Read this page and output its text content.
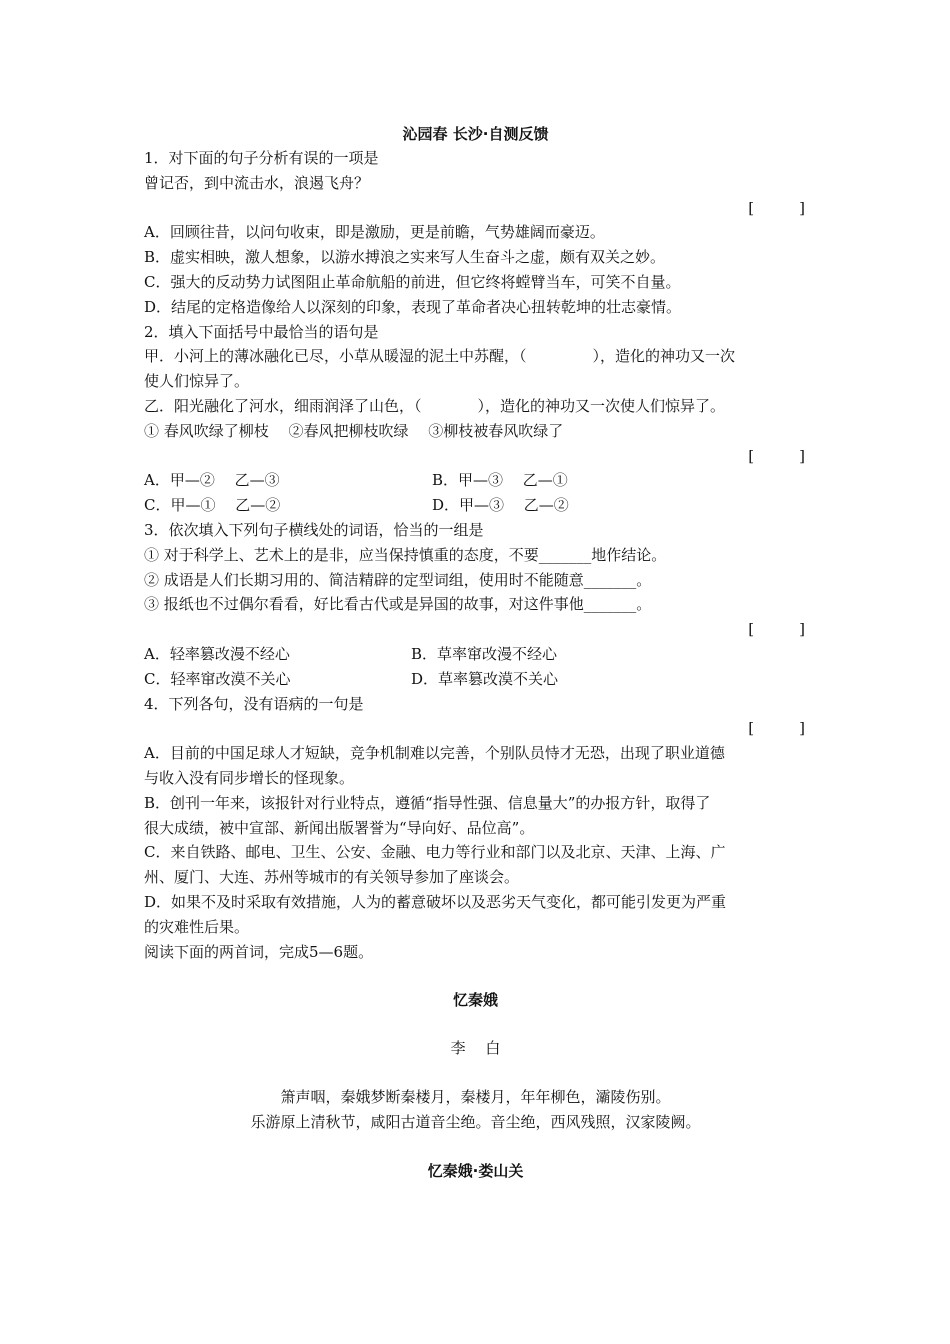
沁园春 长沙·自测反馈
1．对下面的句子分析有误的一项是
曾记否，到中流击水，浪遏飞舟？
[　　　]
A．回顾往昔，以问句收束，即是激励，更是前瞻，气势雄阔而豪迈。
B．虚实相映，激人想象，以游水搏浪之实来写人生奋斗之虚，颇有双关之妙。
C．强大的反动势力试图阻止革命航船的前进，但它终将螳臂当车，可笑不自量。
D．结尾的定格造像给人以深刻的印象，表现了革命者决心扭转乾坤的壮志豪情。
2．填入下面括号中最恰当的语句是
甲．小河上的薄冰融化已尽，小草从暖湿的泥土中苏醒，（	），造化的神功又一次
使人们惊异了。
乙．阳光融化了河水，细雨润泽了山色，（	），造化的神功又一次使人们惊异了。
① 春风吹绿了柳枝　 ②春风把柳枝吹绿　 ③柳枝被春风吹绿了
[　　　]
A．甲—②　 乙—③	B．甲—③　 乙—①
C．甲—①　 乙—②	D．甲—③　 乙—②
3．依次填入下列句子横线处的词语，恰当的一组是
① 对于科学上、艺术上的是非，应当保持慎重的态度，不要_______地作结论。
② 成语是人们长期习用的、简洁精辟的定型词组，使用时不能随意_______。
③ 报纸也不过偶尔看看，好比看古代或是异国的故事，对这件事他_______。
[　　　]
A．轻率篡改漫不经心	B．草率窜改漫不经心
C．轻率窜改漠不关心	D．草率篡改漠不关心
4．下列各句，没有语病的一句是
[　　　]
A．目前的中国足球人才短缺，竞争机制难以完善，个别队员恃才无恐，出现了职业道德
与收入没有同步增长的怪现象。
B．创刊一年来，该报针对行业特点，遵循“指导性强、信息量大”的办报方针，取得了
很大成绩，被中宣部、新闻出版署誉为“导向好、品位高”。
C．来自铁路、邮电、卫生、公安、金融、电力等行业和部门以及北京、天津、上海、广
州、厦门、大连、苏州等城市的有关领导参加了座谈会。
D．如果不及时采取有效措施，人为的蓄意破坏以及恶劣天气变化，都可能引发更为严重
的灾难性后果。
阅读下面的两首词，完成5—6题。
忆秦娥
李　 白
箫声咽，秦娥梦断秦楼月，秦楼月，年年柳色，灞陵伤别。
乐游原上清秋节，咸阳古道音尘绝。音尘绝，西风残照，汉家陵阙。
忆秦娥·娄山关
